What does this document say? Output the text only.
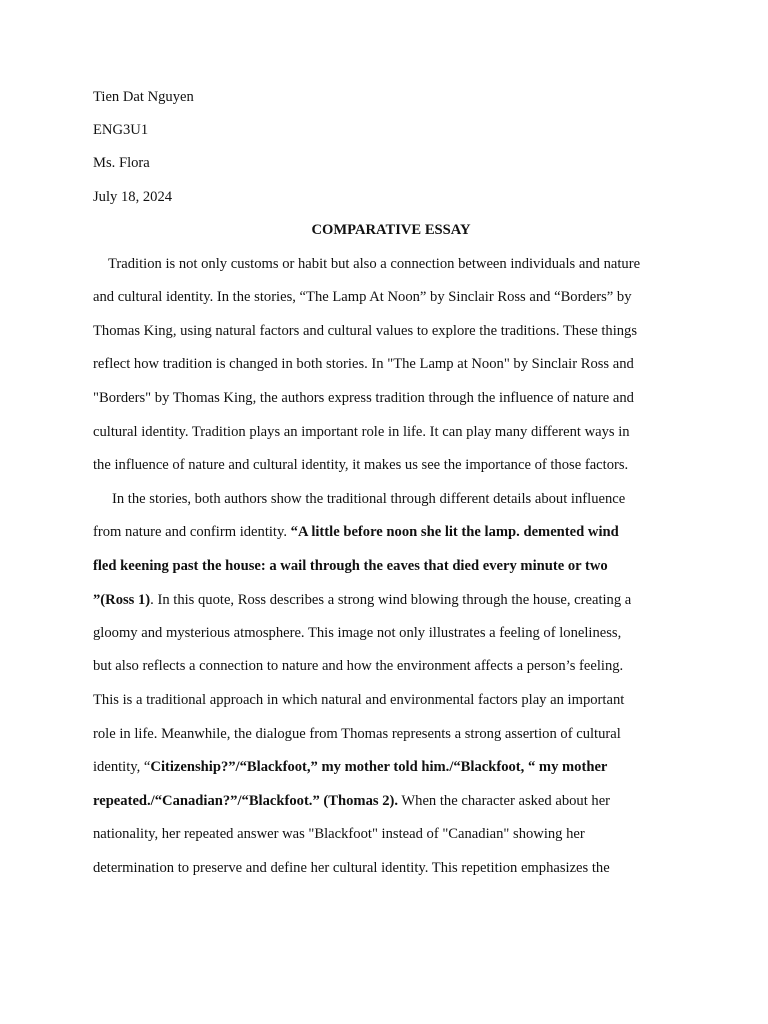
Tien Dat Nguyen
ENG3U1
Ms. Flora
July 18, 2024
COMPARATIVE ESSAY
Tradition is not only customs or habit but also a connection between individuals and nature
and cultural identity. In the stories, “The Lamp At Noon” by Sinclair Ross and “Borders” by
Thomas King, using natural factors and cultural values to explore the traditions. These things
reflect how tradition is changed in both stories. In "The Lamp at Noon" by Sinclair Ross and
"Borders" by Thomas King, the authors express tradition through the influence of nature and
cultural identity. Tradition plays an important role in life. It can play many different ways in
the influence of nature and cultural identity, it makes us see the importance of those factors.
In the stories, both authors show the traditional through different details about influence
from nature and confirm identity. “A little before noon she lit the lamp. demented wind
fled keening past the house: a wail through the eaves that died every minute or two
”(Ross 1). In this quote, Ross describes a strong wind blowing through the house, creating a
gloomy and mysterious atmosphere. This image not only illustrates a feeling of loneliness,
but also reflects a connection to nature and how the environment affects a person’s feeling.
This is a traditional approach in which natural and environmental factors play an important
role in life. Meanwhile, the dialogue from Thomas represents a strong assertion of cultural
identity, “Citizenship?”/“Blackfoot,” my mother told him./“Blackfoot, “ my mother
repeated./“Canadian?”/“Blackfoot.” (Thomas 2). When the character asked about her
nationality, her repeated answer was "Blackfoot" instead of "Canadian" showing her
determination to preserve and define her cultural identity. This repetition emphasizes the
